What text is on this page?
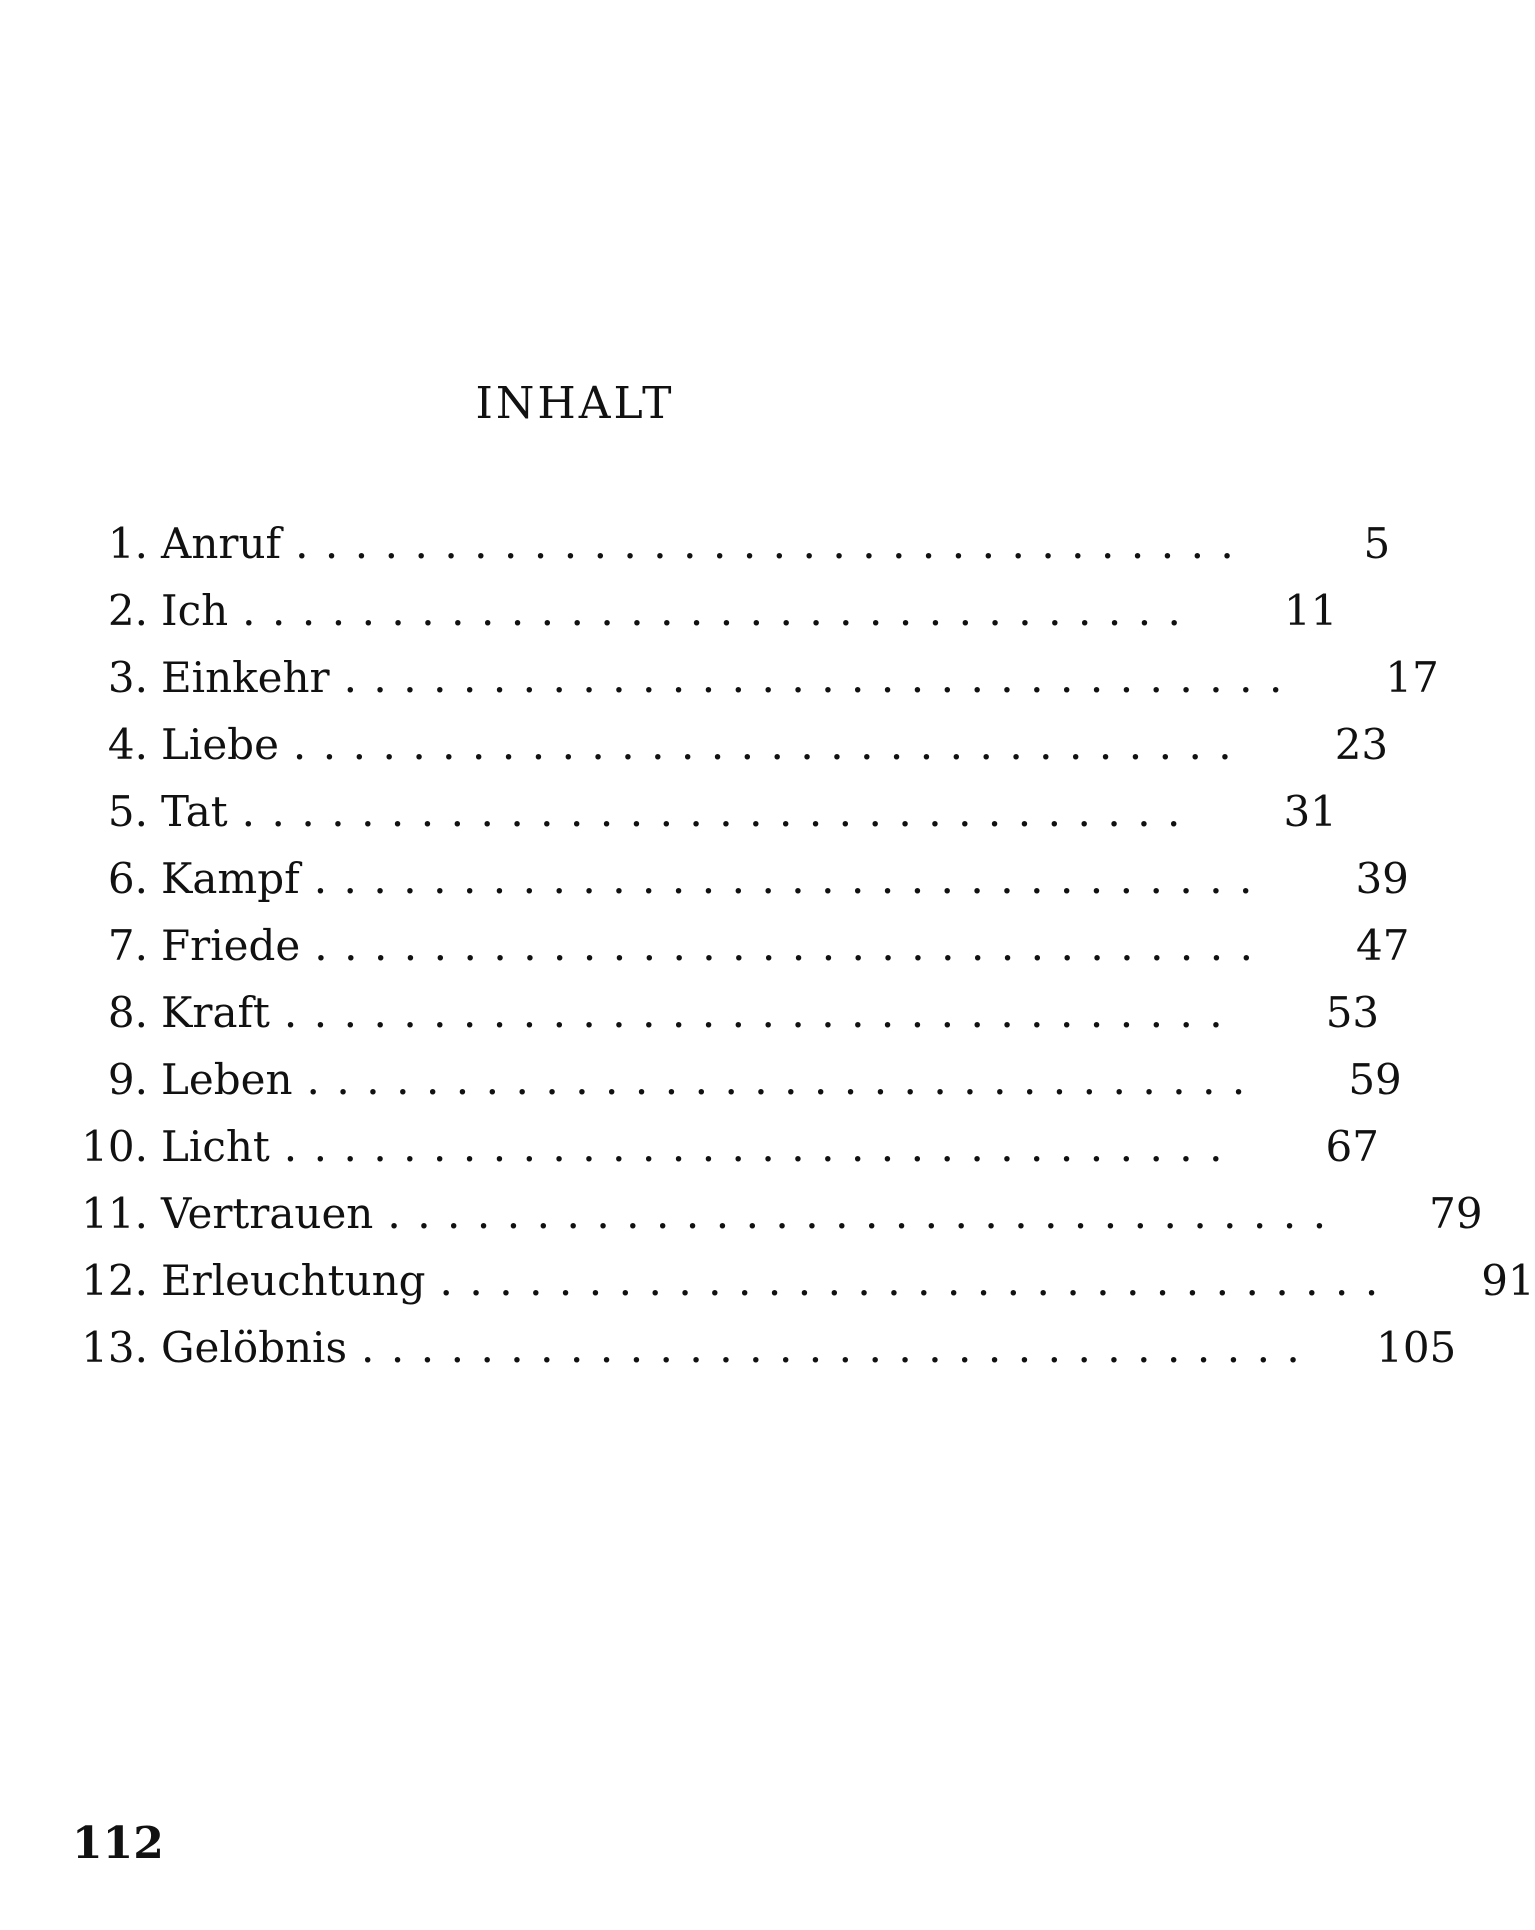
INHALT
1. Anruf ................................	5
2. Ich ................................	11
3. Einkehr ................................	17
4. Liebe ................................	23
5. Tat ................................	31
6. Kampf ................................	39
7. Friede ................................	47
8. Kraft ................................	53
9. Leben ................................	59
10. Licht ................................	67
11. Vertrauen ................................	79
12. Erleuchtung ................................	91
13. Gelöbnis ................................	105
112
